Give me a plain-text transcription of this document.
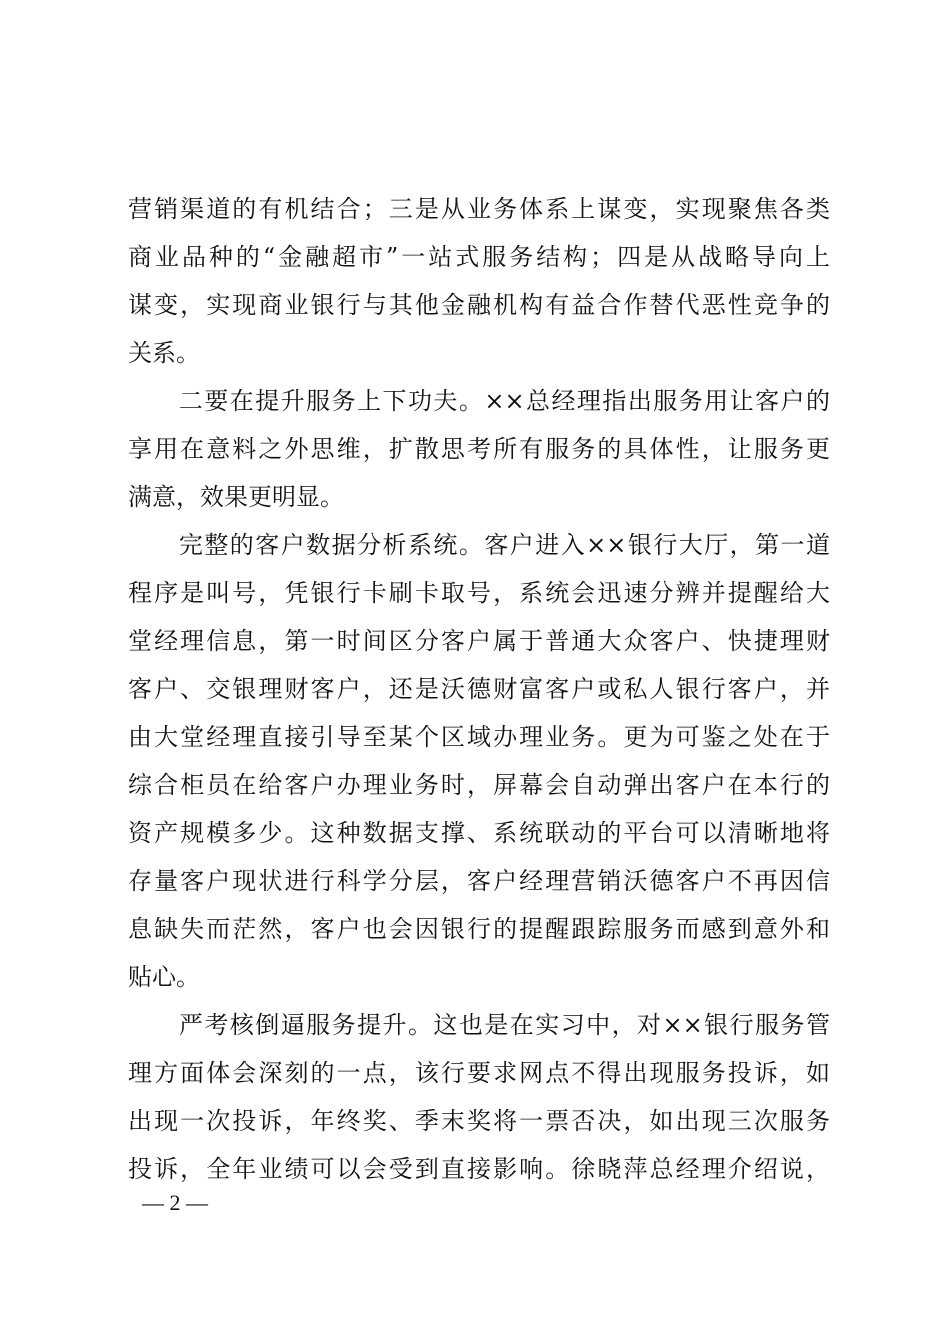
营销渠道的有机结合；三是从业务体系上谋变，实现聚焦各类
商业品种的“金融超市”一站式服务结构；四是从战略导向上
谋变，实现商业银行与其他金融机构有益合作替代恶性竞争的
关系。
　　二要在提升服务上下功夫。××总经理指出服务用让客户的
享用在意料之外思维，扩散思考所有服务的具体性，让服务更
满意，效果更明显。
　　完整的客户数据分析系统。客户进入××银行大厅，第一道
程序是叫号，凭银行卡刷卡取号，系统会迅速分辨并提醒给大
堂经理信息，第一时间区分客户属于普通大众客户、快捷理财
客户、交银理财客户，还是沃德财富客户或私人银行客户，并
由大堂经理直接引导至某个区域办理业务。更为可鉴之处在于
综合柜员在给客户办理业务时，屏幕会自动弹出客户在本行的
资产规模多少。这种数据支撑、系统联动的平台可以清晰地将
存量客户现状进行科学分层，客户经理营销沃德客户不再因信
息缺失而茫然，客户也会因银行的提醒跟踪服务而感到意外和
贴心。
　　严考核倒逼服务提升。这也是在实习中，对××银行服务管
理方面体会深刻的一点，该行要求网点不得出现服务投诉，如
出现一次投诉，年终奖、季末奖将一票否决，如出现三次服务
投诉，全年业绩可以会受到直接影响。徐晓萍总经理介绍说，
— 2 —
